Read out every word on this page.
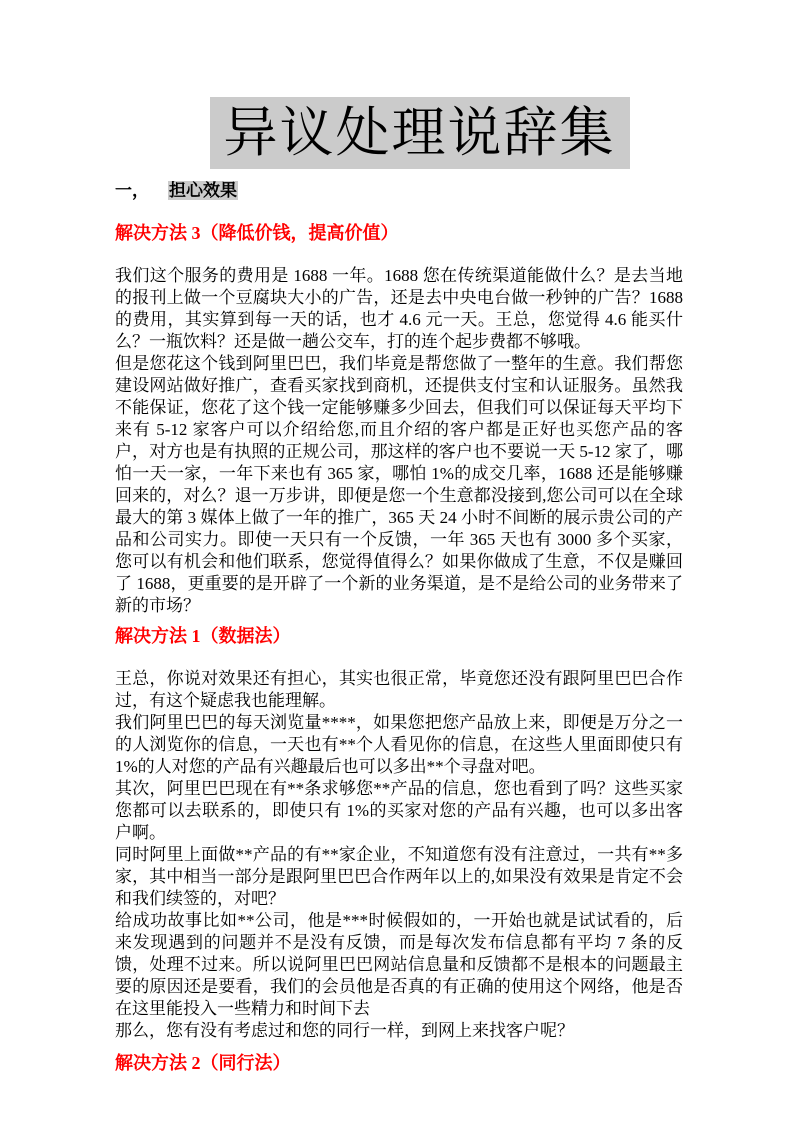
异议处理说辞集
一， 担心效果
解决方法 3（降低价钱，提高价值）

我们这个服务的费用是 1688 一年。1688 您在传统渠道能做什么？是去当地的报刊上做一个豆腐块大小的广告，还是去中央电台做一秒钟的广告？1688 的费用，其实算到每一天的话，也才 4.6 元一天。王总，您觉得 4.6 能买什么？一瓶饮料？还是做一趟公交车，打的连个起步费都不够哦。

但是您花这个钱到阿里巴巴，我们毕竟是帮您做了一整年的生意。我们帮您建设网站做好推广，查看买家找到商机，还提供支付宝和认证服务。虽然我不能保证，您花了这个钱一定能够赚多少回去，但我们可以保证每天平均下来有 5-12 家客户可以介绍给您,而且介绍的客户都是正好也买您产品的客户，对方也是有执照的正规公司，那这样的客户也不要说一天 5-12 家了，哪怕一天一家，一年下来也有 365 家，哪怕 1%的成交几率，1688 还是能够赚回来的，对么？退一万步讲，即便是您一个生意都没接到,您公司可以在全球最大的第 3 媒体上做了一年的推广，365 天 24 小时不间断的展示贵公司的产品和公司实力。即使一天只有一个反馈，一年 365 天也有 3000 多个买家，您可以有机会和他们联系，您觉得值得么？如果你做成了生意，不仅是赚回了 1688，更重要的是开辟了一个新的业务渠道，是不是给公司的业务带来了新的市场？

解决方法 1（数据法）

王总，你说对效果还有担心，其实也很正常，毕竟您还没有跟阿里巴巴合作过，有这个疑虑我也能理解。

我们阿里巴巴的每天浏览量****，如果您把您产品放上来，即便是万分之一的人浏览你的信息，一天也有**个人看见你的信息，在这些人里面即使只有 1%的人对您的产品有兴趣最后也可以多出**个寻盘对吧。

其次，阿里巴巴现在有**条求够您**产品的信息，您也看到了吗？这些买家您都可以去联系的，即使只有 1%的买家对您的产品有兴趣，也可以多出客户啊。

同时阿里上面做**产品的有**家企业，不知道您有没有注意过，一共有**多家，其中相当一部分是跟阿里巴巴合作两年以上的,如果没有效果是肯定不会和我们续签的，对吧？

给成功故事比如**公司，他是***时候假如的，一开始也就是试试看的，后来发现遇到的问题并不是没有反馈，而是每次发布信息都有平均 7 条的反馈，处理不过来。所以说阿里巴巴网站信息量和反馈都不是根本的问题最主要的原因还是要看，我们的会员他是否真的有正确的使用这个网络，他是否在这里能投入一些精力和时间下去

那么，您有没有考虑过和您的同行一样，到网上来找客户呢？

解决方法 2（同行法）
